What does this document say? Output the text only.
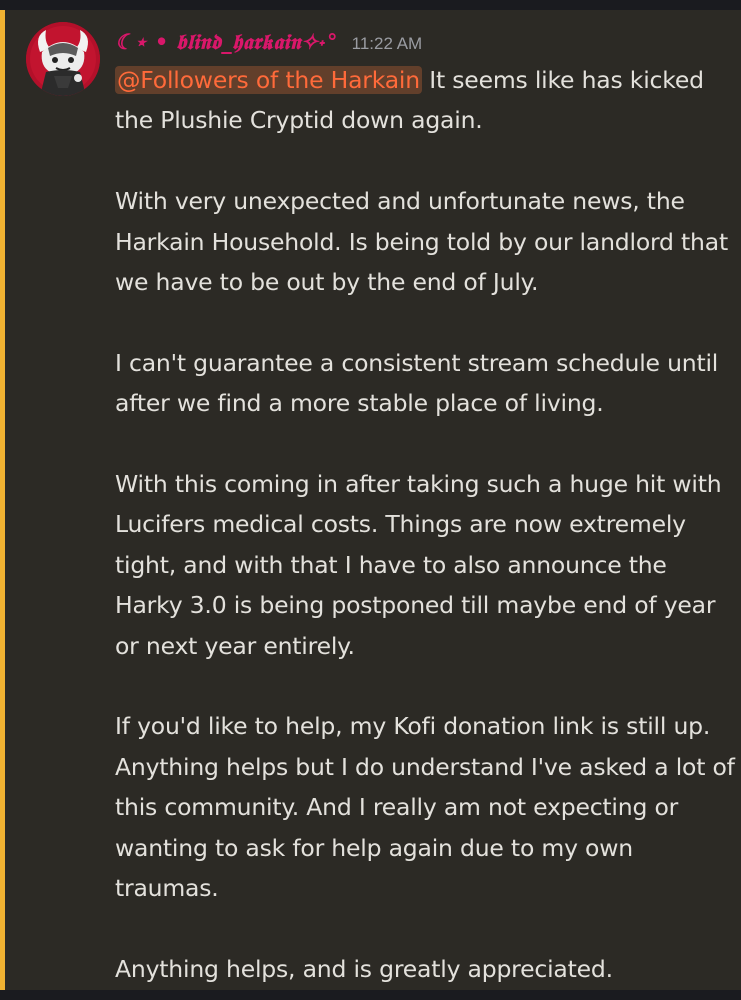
☾⋆ • 𝖇𝖑𝖎𝖓𝖉_𝖍𝖆𝖗𝖐𝖆𝖎𝖓✧˖° 11:22 AM

@Followers of the Harkain It seems like has kicked the Plushie Cryptid down again.

With very unexpected and unfortunate news, the Harkain Household. Is being told by our landlord that we have to be out by the end of July.

I can't guarantee a consistent stream schedule until after we find a more stable place of living.

With this coming in after taking such a huge hit with Lucifers medical costs. Things are now extremely tight, and with that I have to also announce the Harky 3.0 is being postponed till maybe end of year or next year entirely.

If you'd like to help, my Kofi donation link is still up. Anything helps but I do understand I've asked a lot of this community. And I really am not expecting or wanting to ask for help again due to my own traumas.

Anything helps, and is greatly appreciated.
